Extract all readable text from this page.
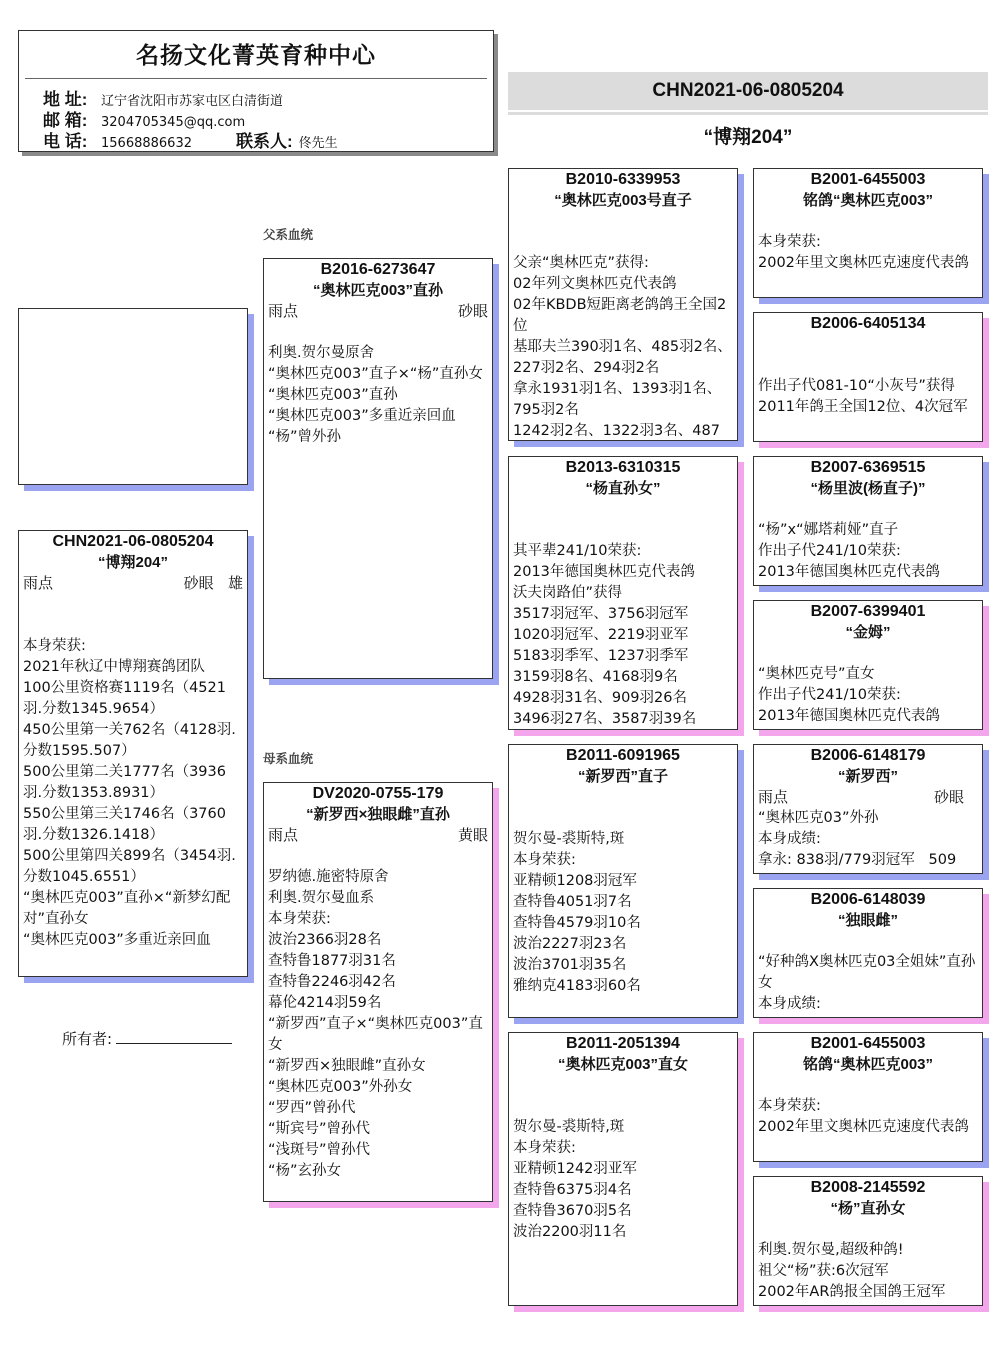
名扬文化菁英育种中心
地 址:	辽宁省沈阳市苏家屯区白清街道
邮 箱:	3204705345@qq.com
电 话:	15668886632	联系人: 佟先生
CHN2021-06-0805204
“博翔204”
CHN2021-06-0805204
“博翔204”
雨点	砂眼 雄
本身荣获:
2021年秋辽中博翔赛鸽团队
100公里资格赛1119名（4521羽.分数1345.9654）
450公里第一关762名（4128羽.分数1595.507）
500公里第二关1777名（3936羽.分数1353.8931）
550公里第三关1746名（3760羽.分数1326.1418）
500公里第四关899名（3454羽.分数1045.6551）
“奥林匹克003”直孙×“新梦幻配对”直孙女
“奥林匹克003”多重近亲回血
所有者:
父系血统
母系血统
B2016-6273647
“奥林匹克003”直孙
雨点	砂眼
利奥.贺尔曼原舍
“奥林匹克003”直子×“杨”直孙女
“奥林匹克003”直孙
“奥林匹克003”多重近亲回血
“杨”曾外孙
DV2020-0755-179
“新罗西×独眼雌”直孙
雨点	黄眼
罗纳德.施密特原舍
利奥.贺尔曼血系
本身荣获:
波治2366羽28名
查特鲁1877羽31名
查特鲁2246羽42名
幕伦4214羽59名
“新罗西”直子×“奥林匹克003”直女
“新罗西×独眼雌”直孙女
“奥林匹克003”外孙女
“罗西”曾孙代
“斯宾号”曾孙代
“浅斑号”曾孙代
“杨”玄孙女
B2010-6339953
“奥林匹克003号直子
父亲“奥林匹克”获得:
02年列文奥林匹克代表鸽
02年KBDB短距离老鸽鸽王全国2位
基耶夫兰390羽1名、485羽2名、227羽2名、294羽2名
拿永1931羽1名、1393羽1名、795羽2名
1242羽2名、1322羽3名、487
B2013-6310315
“杨直孙女”
其平辈241/10荣获:
2013年德国奥林匹克代表鸽
沃夫岗路伯”获得
3517羽冠军、3756羽冠军
1020羽冠军、2219羽亚军
5183羽季军、1237羽季军
3159羽8名、4168羽9名
4928羽31名、909羽26名
3496羽27名、3587羽39名
B2011-6091965
“新罗西”直子
贺尔曼-裘斯特,斑
本身荣获:
亚精顿1208羽冠军
查特鲁4051羽7名
查特鲁4579羽10名
波治2227羽23名
波治3701羽35名
雅纳克4183羽60名
B2011-2051394
“奥林匹克003”直女
贺尔曼-裘斯特,斑
本身荣获:
亚精顿1242羽亚军
查特鲁6375羽4名
查特鲁3670羽5名
波治2200羽11名
B2001-6455003
铭鸽“奥林匹克003”
本身荣获:
2002年里文奥林匹克速度代表鸽
B2006-6405134
作出子代081-10“小灰号”获得
2011年鸽王全国12位、4次冠军
B2007-6369515
“杨里波(杨直子)”
“杨”x“娜塔莉娅”直子
作出子代241/10荣获:
2013年德国奥林匹克代表鸽
B2007-6399401
“金姆”
“奥林匹克号”直女
作出子代241/10荣获:
2013年德国奥林匹克代表鸽
B2006-6148179
“新罗西”
雨点	砂眼
“奥林匹克03”外孙
本身成绩:
拿永: 838羽/779羽冠军   509
B2006-6148039
“独眼雌”
“好种鸽X奥林匹克03全姐妹”直孙女
本身成绩:
B2001-6455003
铭鸽“奥林匹克003”
本身荣获:
2002年里文奥林匹克速度代表鸽
B2008-2145592
“杨”直孙女
利奥.贺尔曼,超级种鸽!
祖父“杨”获:6次冠军
2002年AR鸽报全国鸽王冠军
